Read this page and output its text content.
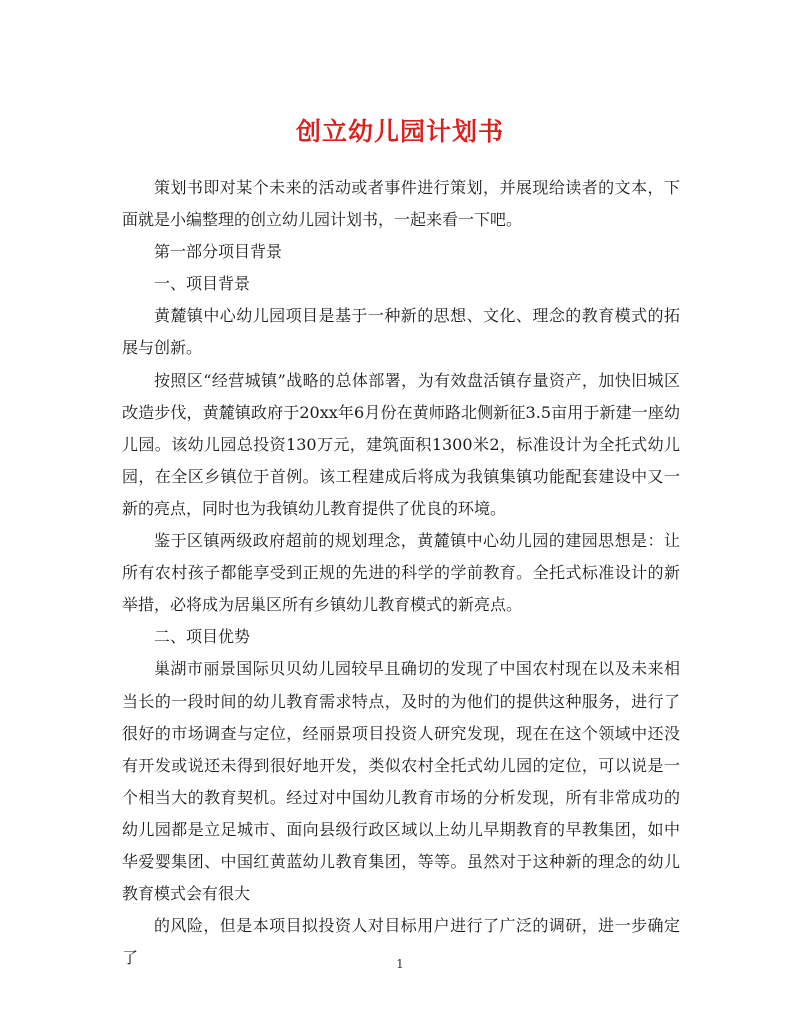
创立幼儿园计划书

策划书即对某个未来的活动或者事件进行策划，并展现给读者的文本，下面就是小编整理的创立幼儿园计划书，一起来看一下吧。

第一部分项目背景

一、项目背景

黄麓镇中心幼儿园项目是基于一种新的思想、文化、理念的教育模式的拓展与创新。

按照区“经营城镇”战略的总体部署，为有效盘活镇存量资产，加快旧城区改造步伐，黄麓镇政府于20xx年6月份在黄师路北侧新征3.5亩用于新建一座幼儿园。该幼儿园总投资130万元，建筑面积1300米2，标准设计为全托式幼儿园，在全区乡镇位于首例。该工程建成后将成为我镇集镇功能配套建设中又一新的亮点，同时也为我镇幼儿教育提供了优良的环境。

鉴于区镇两级政府超前的规划理念，黄麓镇中心幼儿园的建园思想是：让所有农村孩子都能享受到正规的先进的科学的学前教育。全托式标准设计的新举措，必将成为居巢区所有乡镇幼儿教育模式的新亮点。

二、项目优势

巢湖市丽景国际贝贝幼儿园较早且确切的发现了中国农村现在以及未来相当长的一段时间的幼儿教育需求特点，及时的为他们的提供这种服务，进行了很好的市场调查与定位，经丽景项目投资人研究发现，现在在这个领域中还没有开发或说还未得到很好地开发，类似农村全托式幼儿园的定位，可以说是一个相当大的教育契机。经过对中国幼儿教育市场的分析发现，所有非常成功的幼儿园都是立足城市、面向县级行政区域以上幼儿早期教育的早教集团，如中华爱婴集团、中国红黄蓝幼儿教育集团，等等。虽然对于这种新的理念的幼儿教育模式会有很大

的风险，但是本项目拟投资人对目标用户进行了广泛的调研，进一步确定了	1
